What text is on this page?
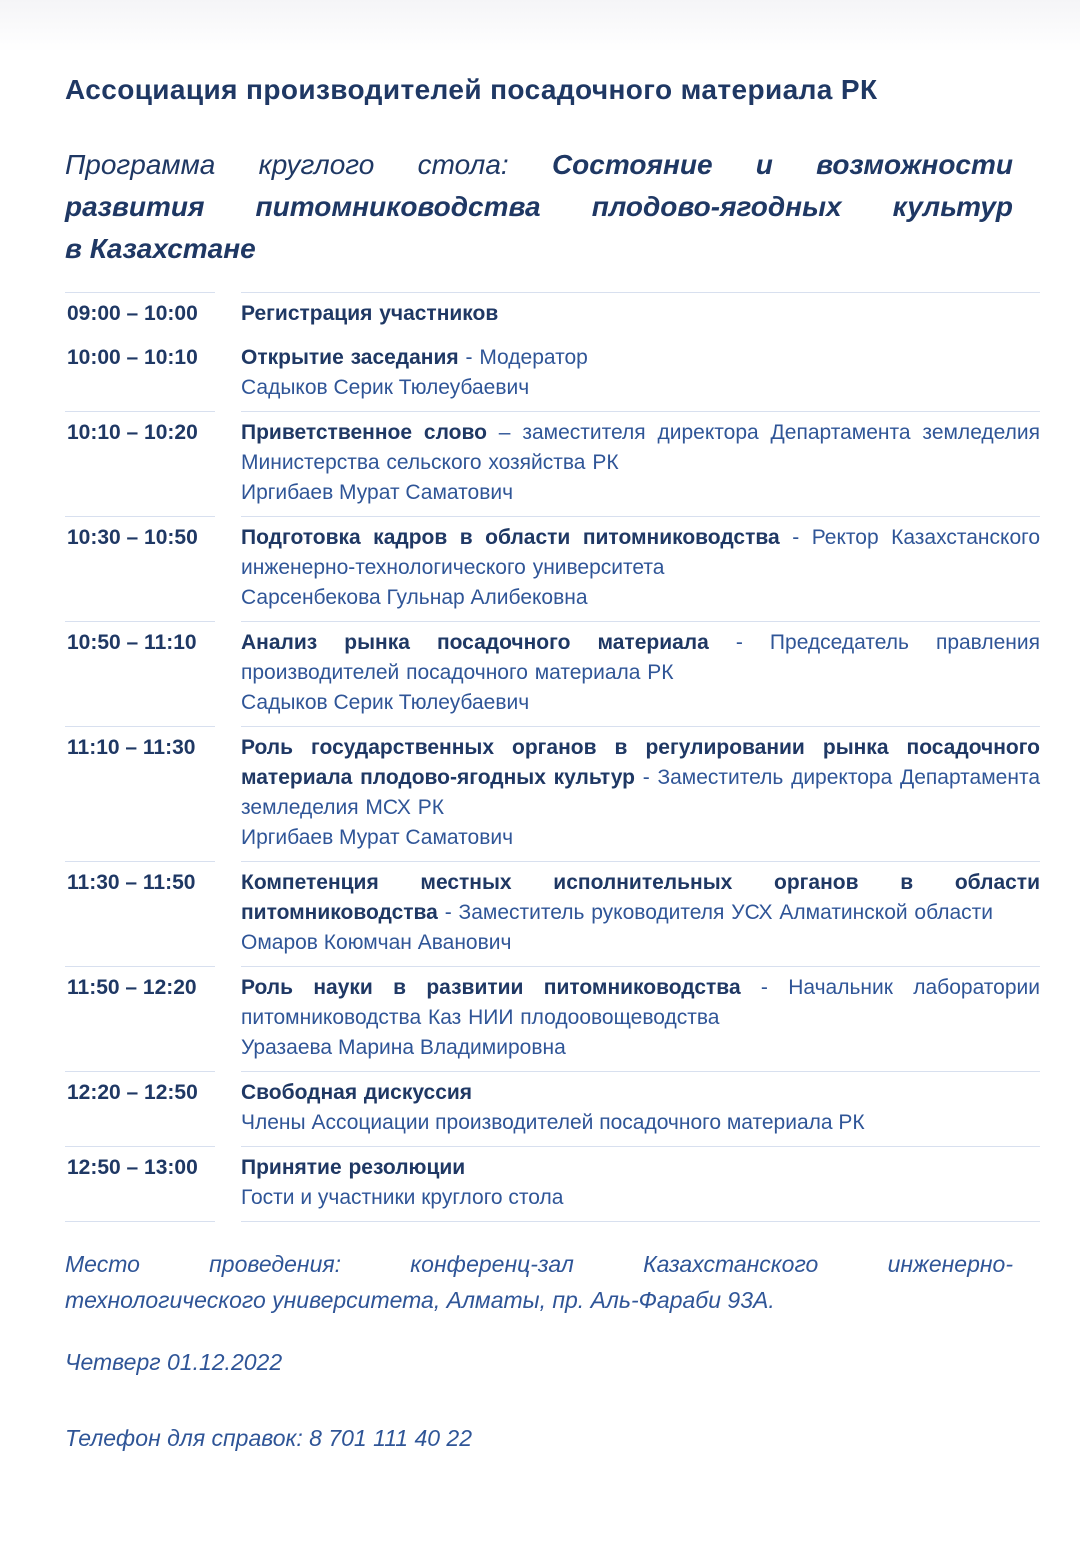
Ассоциация производителей посадочного материала РК
Программа круглого стола: Состояние и возможности
развития питомниководства плодово-ягодных культур
в Казахстане
09:00 – 10:00	Регистрация участников

10:00 – 10:10	Открытие заседания - Модератор

Садыков Серик Тюлеубаевич

10:10 – 10:20	Приветственное слово – заместителя директора Департамента земледелия Министерства сельского хозяйства РК

Иргибаев Мурат Саматович

10:30 – 10:50	Подготовка кадров в области питомниководства - Ректор Казахстанского инженерно-технологического университета

Сарсенбекова Гульнар Алибековна

10:50 – 11:10	Анализ рынка посадочного материала - Председатель правления производителей посадочного материала РК

Садыков Серик Тюлеубаевич

11:10 – 11:30	Роль государственных органов в регулировании рынка посадочного материала плодово-ягодных культур - Заместитель директора Департамента земледелия МСХ РК

Иргибаев Мурат Саматович

11:30 – 11:50	Компетенция местных исполнительных органов в области питомниководства - Заместитель руководителя УСХ Алматинской области

Омаров Коюмчан Аванович

11:50 – 12:20	Роль науки в развитии питомниководства - Начальник лаборатории питомниководства Каз НИИ плодоовощеводства

Уразаева Марина Владимировна

12:20 – 12:50	Свободная дискуссия

Члены Ассоциации производителей посадочного материала РК

12:50 – 13:00	Принятие резолюции

Гости и участники круглого стола

Место проведения: конференц-зал Казахстанского инженерно-
технологического университета, Алматы, пр. Аль-Фараби 93А.
Четверг 01.12.2022
Телефон для справок: 8 701 111 40 22
